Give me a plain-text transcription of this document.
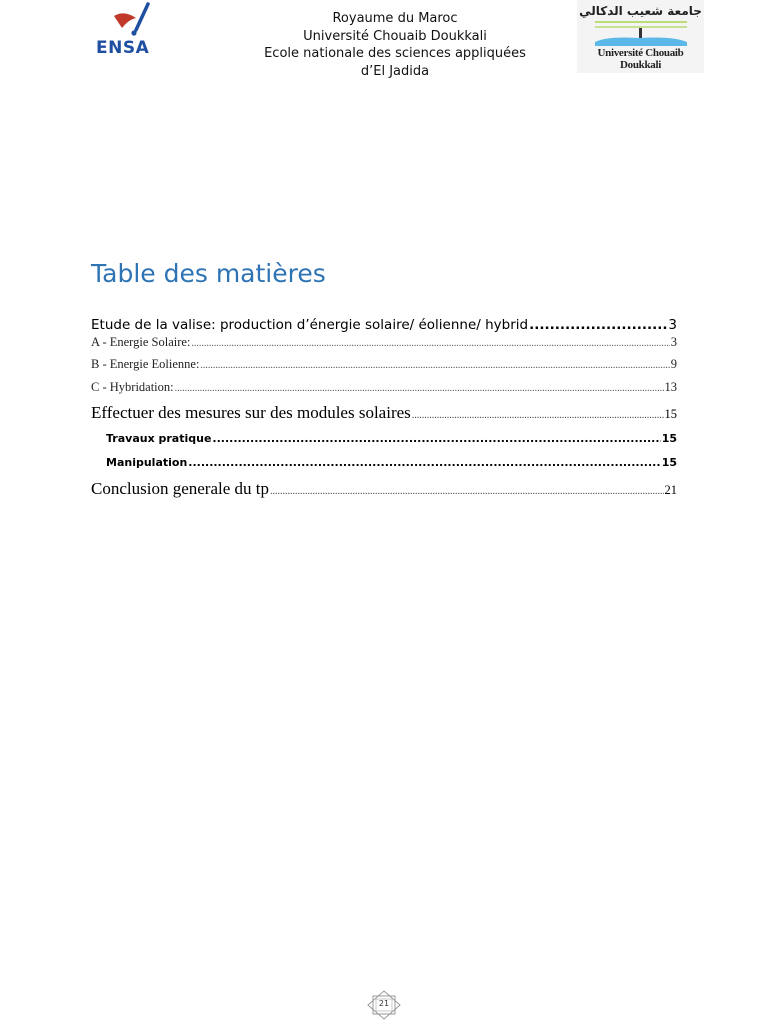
ENSA
Royaume du Maroc
Université Chouaib Doukkali
Ecole nationale des sciences appliquées
d’El Jadida
جامعة شعيب الدكالي
Université Chouaib Doukkali
Table des matières
Etude de la valise: production d’énergie solaire/ éolienne/ hybrid .....	3
A - Energie Solaire: .....	3
B - Energie Eolienne: .....	9
C - Hybridation: .....	13
Effectuer des mesures sur des modules solaires .....	15
Travaux pratique .....	15
Manipulation .....	15
Conclusion generale du tp .....	21
21
